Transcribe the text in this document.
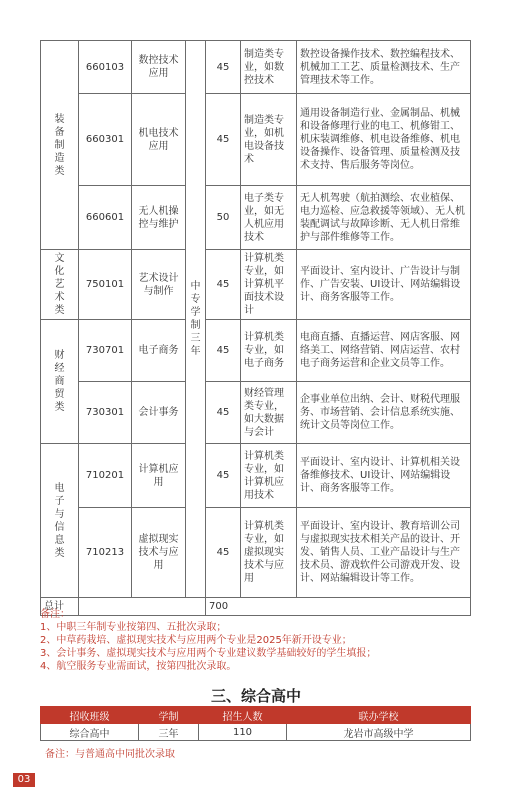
装备制造类	660103	数控技术应用	中专学制三年	45	制造类专业，如数控技术	数控设备操作技术、数控编程技术、机械加工工艺、质量检测技术、生产管理技术等工作。
	660301	机电技术应用		45	制造类专业，如机电设备技术	通用设备制造行业、金属制品、机械和设备修理行业的电工、机修钳工、机床装调维修、机电设备维修、机电设备操作、设备管理、质量检测及技术支持、售后服务等岗位。
	660601	无人机操控与维护		50	电子类专业，如无人机应用技术	无人机驾驶（航拍测绘、农业植保、电力巡检、应急救援等领域）、无人机装配调试与故障诊断、无人机日常维护与部件维修等工作。

文化艺术类	750101	艺术设计与制作		45	计算机类专业，如计算机平面技术设计	平面设计、室内设计、广告设计与制作、广告安装、UI设计、网站编辑设计、商务客服等工作。

财经商贸类	730701	电子商务		45	计算机类专业，如电子商务	电商直播、直播运营、网店客服、网络美工、网络营销、网店运营、农村电子商务运营和企业文员等工作。
	730301	会计事务		45	财经管理类专业，如大数据与会计	企事业单位出纳、会计、财税代理服务、市场营销、会计信息系统实施、统计文员等岗位工作。

电子与信息类	710201	计算机应用		45	计算机类专业，如计算机应用技术	平面设计、室内设计、计算机相关设备维修技术、UI设计、网站编辑设计、商务客服等工作。
	710213	虚拟现实技术与应用		45	计算机类专业，如虚拟现实技术与应用	平面设计、室内设计、教育培训公司与虚拟现实技术相关产品的设计、开发、销售人员、工业产品设计与生产技术员、游戏软件公司游戏开发、设计、网站编辑设计等工作。
总计				700		
备注：
1、中职三年制专业按第四、五批次录取；
2、中草药栽培、虚拟现实技术与应用两个专业是2025年新开设专业；
3、会计事务、虚拟现实技术与应用两个专业建议数学基础较好的学生填报；
4、航空服务专业需面试，按第四批次录取。
三、综合高中
招收班级	学制	招生人数	联办学校
综合高中	三年	110	龙岩市高级中学
备注：与普通高中同批次录取
03
